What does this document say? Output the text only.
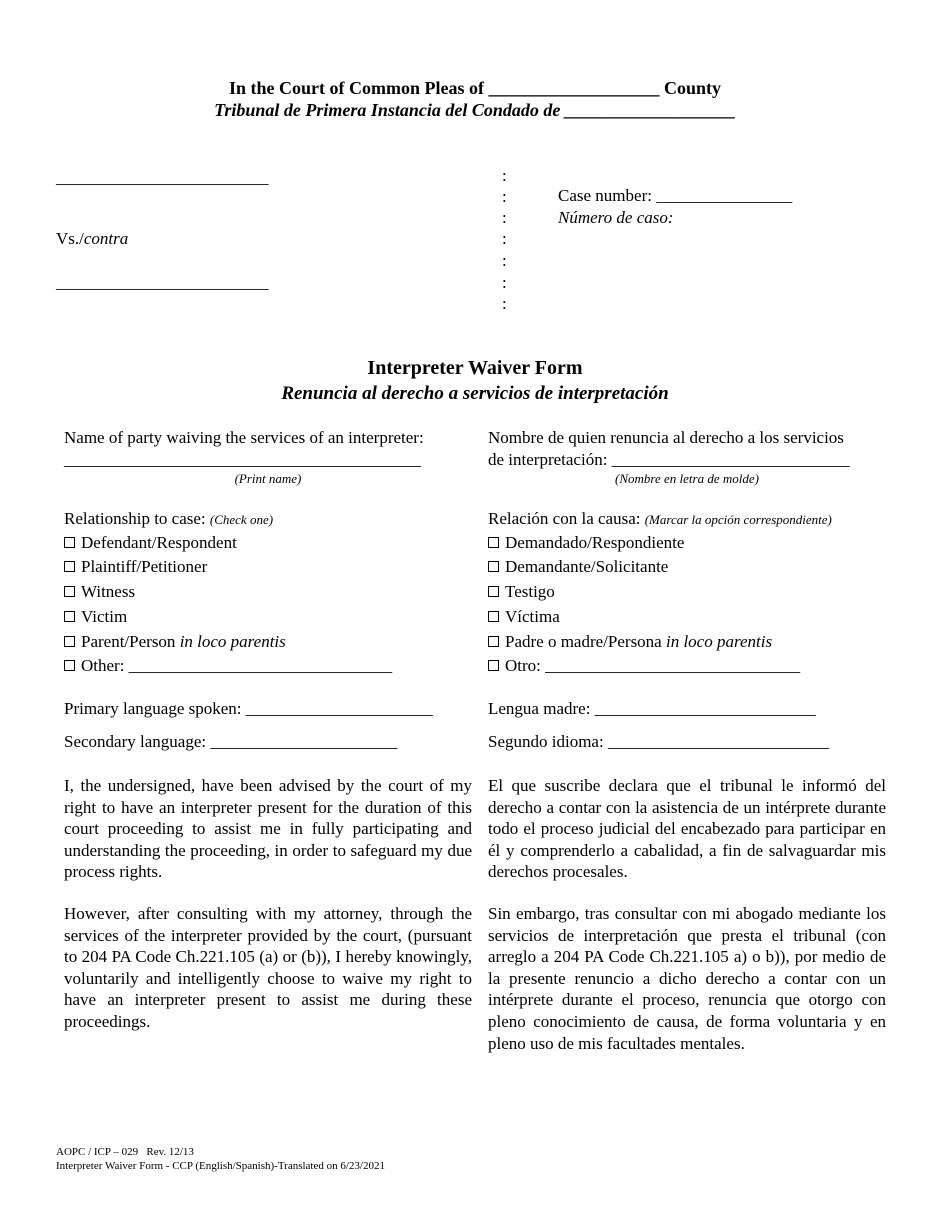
In the Court of Common Pleas of ___________________ County
Tribunal de Primera Instancia del Condado de ___________________
_________________________
Vs./contra
_________________________
:
:
:
:
:
:
:
Case number: ________________
Número de caso:
Interpreter Waiver Form
Renuncia al derecho a servicios de interpretación
Name of party waiving the services of an interpreter:
__________________________________________
(Print name)
Nombre de quien renuncia al derecho a los servicios
de interpretación: ____________________________
(Nombre en letra de molde)
Relationship to case: (Check one)	Relación con la causa: (Marcar la opción correspondiente)
Defendant/Respondent
Plaintiff/Petitioner
Witness
Victim
Parent/Person in loco parentis
Other: _______________________________
Demandado/Respondiente
Demandante/Solicitante
Testigo
Víctima
Padre o madre/Persona in loco parentis
Otro: ______________________________
Primary language spoken: ______________________
Secondary language: ______________________
Lengua madre: __________________________
Segundo idioma: __________________________
I, the undersigned, have been advised by the court of my right to have an interpreter present for the duration of this court proceeding to assist me in fully participating and understanding the proceeding, in order to safeguard my due process rights.
However, after consulting with my attorney, through the services of the interpreter provided by the court, (pursuant to 204 PA Code Ch.221.105 (a) or (b)), I hereby knowingly, voluntarily and intelligently choose to waive my right to have an interpreter present to assist me during these proceedings.
El que suscribe declara que el tribunal le informó del derecho a contar con la asistencia de un intérprete durante todo el proceso judicial del encabezado para participar en él y comprenderlo a cabalidad, a fin de salvaguardar mis derechos procesales.
Sin embargo, tras consultar con mi abogado mediante los servicios de interpretación que presta el tribunal (con arreglo a 204 PA Code Ch.221.105 a) o b)), por medio de la presente renuncio a dicho derecho a contar con un intérprete durante el proceso, renuncia que otorgo con pleno conocimiento de causa, de forma voluntaria y en pleno uso de mis facultades mentales.
AOPC / ICP – 029   Rev. 12/13
Interpreter Waiver Form - CCP (English/Spanish)-Translated on 6/23/2021
